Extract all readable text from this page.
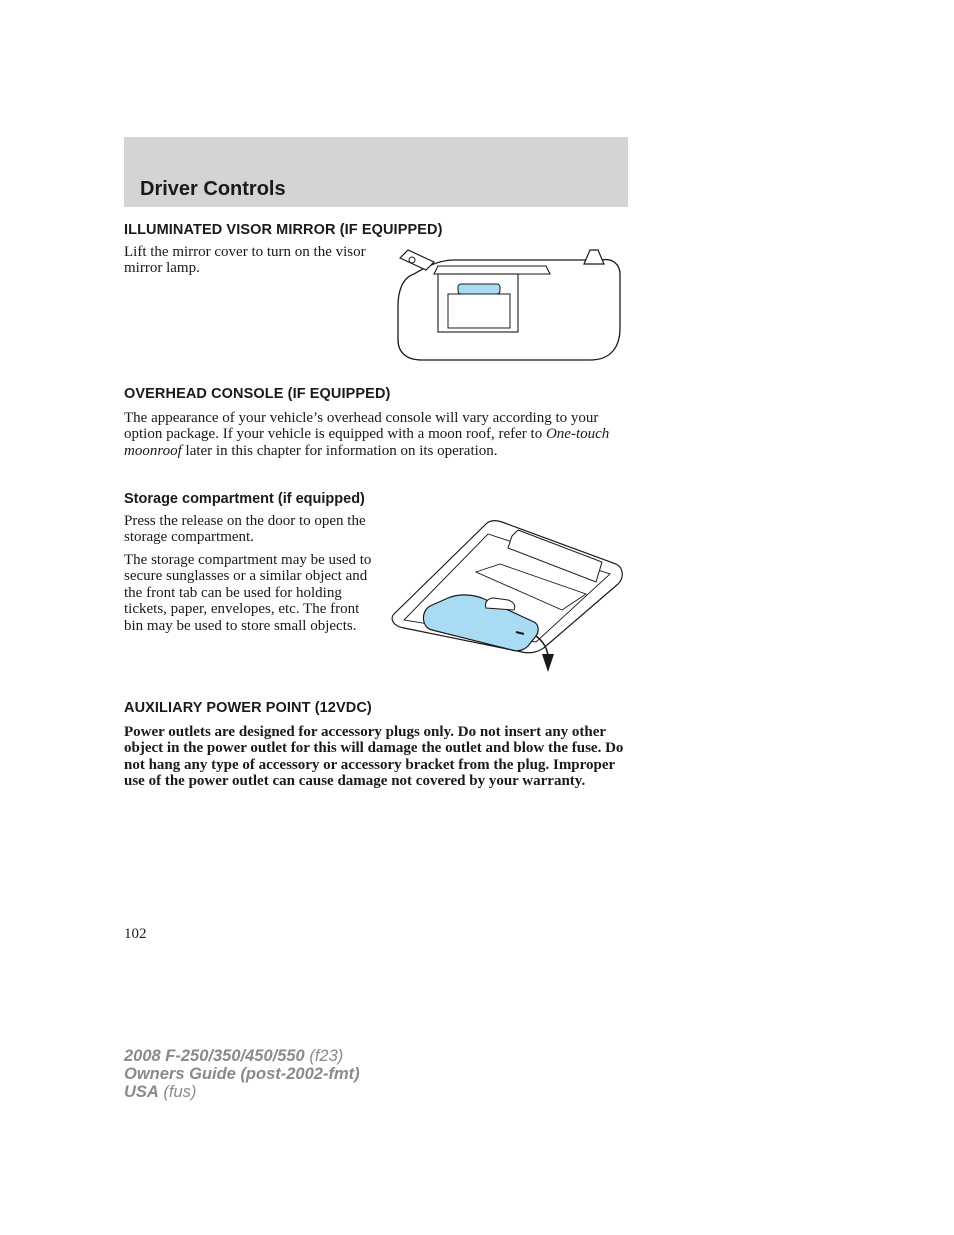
Driver Controls
ILLUMINATED VISOR MIRROR (IF EQUIPPED)

Lift the mirror cover to turn on the visor mirror lamp.

OVERHEAD CONSOLE (IF EQUIPPED)

The appearance of your vehicle’s overhead console will vary according to your option package. If your vehicle is equipped with a moon roof, refer to One-touch moonroof later in this chapter for information on its operation.

Storage compartment (if equipped)

Press the release on the door to open the storage compartment.

The storage compartment may be used to secure sunglasses or a similar object and the front tab can be used for holding tickets, paper, envelopes, etc. The front bin may be used to store small objects.

AUXILIARY POWER POINT (12VDC)

Power outlets are designed for accessory plugs only. Do not insert any other object in the power outlet for this will damage the outlet and blow the fuse. Do not hang any type of accessory or accessory bracket from the plug. Improper use of the power outlet can cause damage not covered by your warranty.

102

2008 F-250/350/450/550 (f23)
Owners Guide (post-2002-fmt)
USA (fus)
